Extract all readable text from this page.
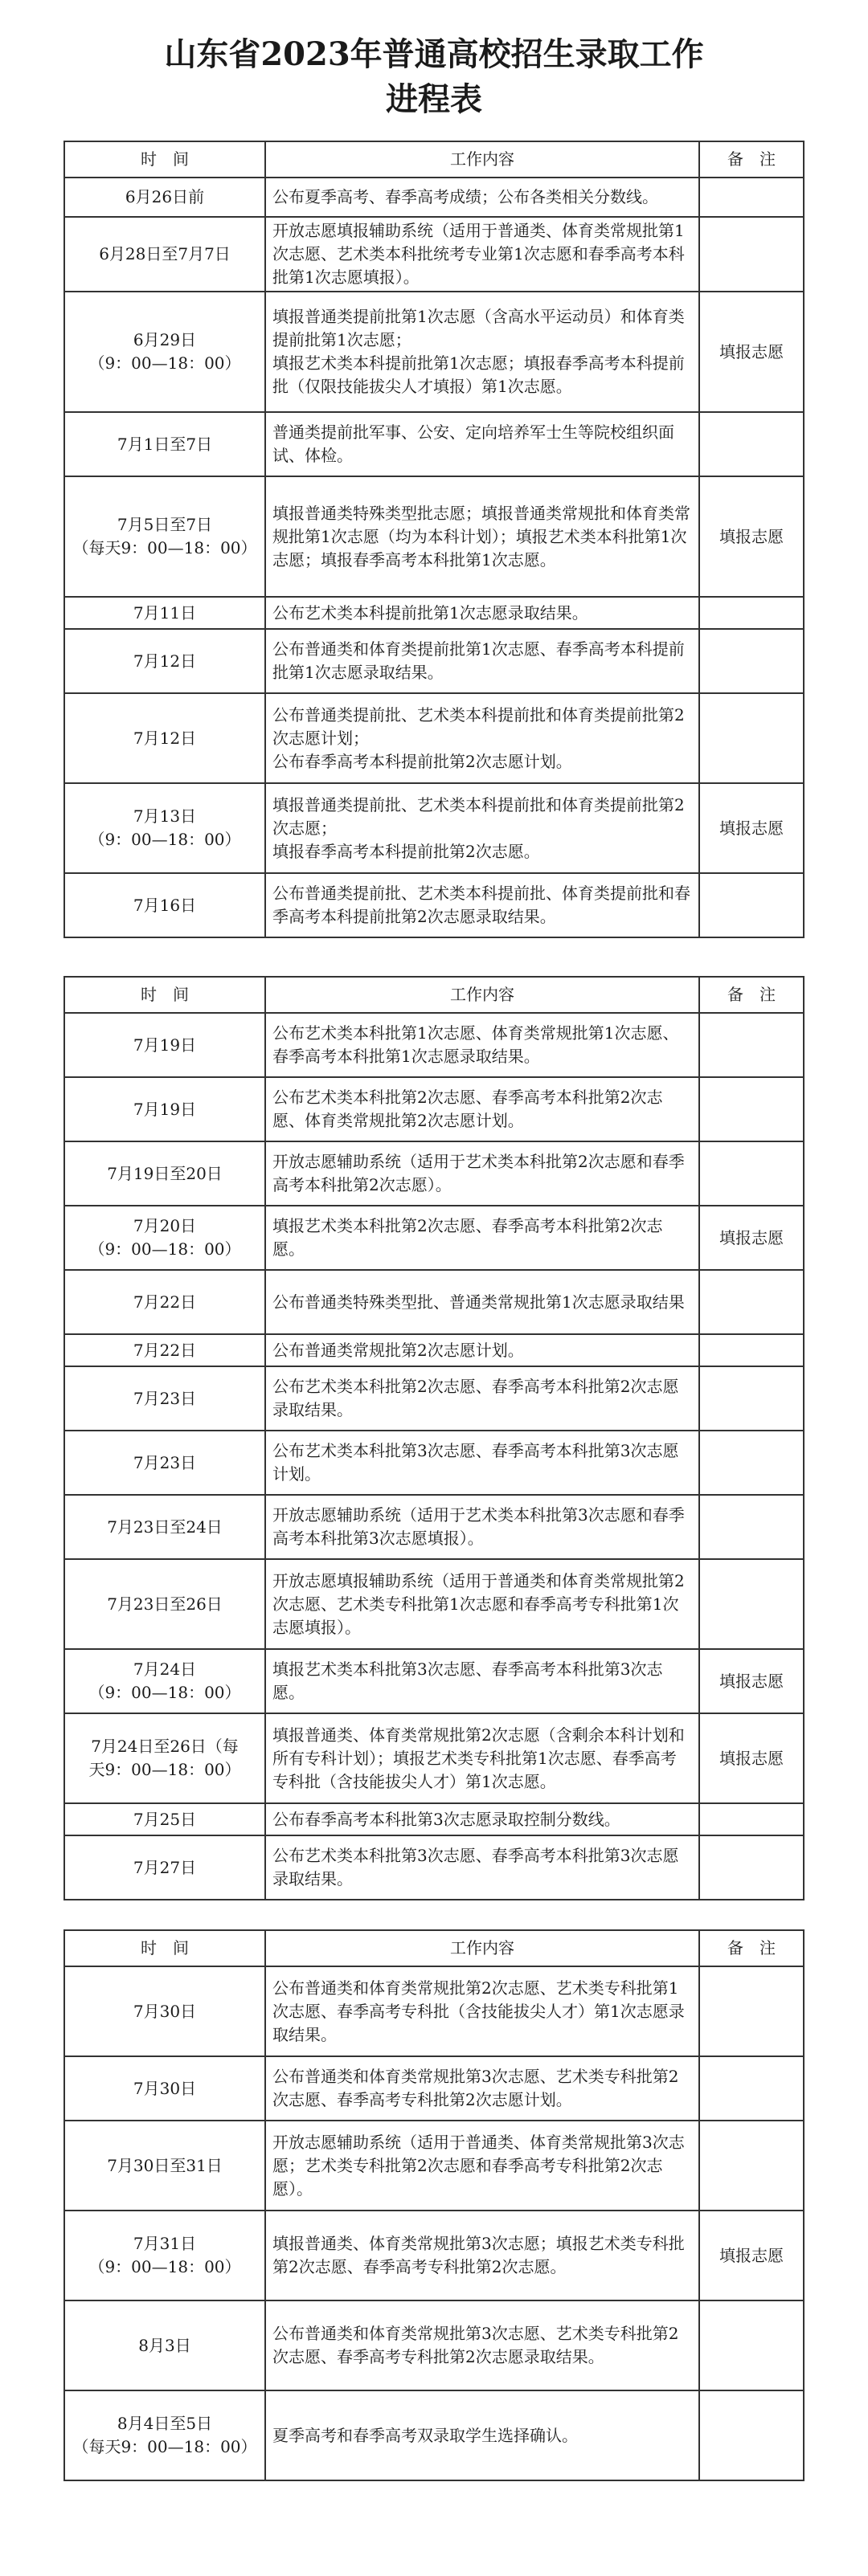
山东省2023年普通高校招生录取工作
进程表
时　间	工作内容	备　注

6月26日前	公布夏季高考、春季高考成绩；公布各类相关分数线。	

6月28日至7月7日	开放志愿填报辅助系统（适用于普通类、体育类常规批第1次志愿、艺术类本科批统考专业第1次志愿和春季高考本科批第1次志愿填报）。	

6月29日
（9：00—18：00）	填报普通类提前批第1次志愿（含高水平运动员）和体育类提前批第1次志愿；
填报艺术类本科提前批第1次志愿；填报春季高考本科提前批（仅限技能拔尖人才填报）第1次志愿。	填报志愿

7月1日至7日	普通类提前批军事、公安、定向培养军士生等院校组织面试、体检。	

7月5日至7日
（每天9：00—18：00）	填报普通类特殊类型批志愿；填报普通类常规批和体育类常规批第1次志愿（均为本科计划）；填报艺术类本科批第1次志愿；填报春季高考本科批第1次志愿。	填报志愿

7月11日	公布艺术类本科提前批第1次志愿录取结果。	

7月12日	公布普通类和体育类提前批第1次志愿、春季高考本科提前批第1次志愿录取结果。	

7月12日	公布普通类提前批、艺术类本科提前批和体育类提前批第2次志愿计划；
公布春季高考本科提前批第2次志愿计划。	

7月13日
（9：00—18：00）	填报普通类提前批、艺术类本科提前批和体育类提前批第2次志愿；
填报春季高考本科提前批第2次志愿。	填报志愿

7月16日	公布普通类提前批、艺术类本科提前批、体育类提前批和春季高考本科提前批第2次志愿录取结果。	
时　间	工作内容	备　注

7月19日	公布艺术类本科批第1次志愿、体育类常规批第1次志愿、春季高考本科批第1次志愿录取结果。	

7月19日	公布艺术类本科批第2次志愿、春季高考本科批第2次志愿、体育类常规批第2次志愿计划。	

7月19日至20日	开放志愿辅助系统（适用于艺术类本科批第2次志愿和春季高考本科批第2次志愿）。	

7月20日
（9：00—18：00）	填报艺术类本科批第2次志愿、春季高考本科批第2次志愿。	填报志愿

7月22日	公布普通类特殊类型批、普通类常规批第1次志愿录取结果	

7月22日	公布普通类常规批第2次志愿计划。	

7月23日	公布艺术类本科批第2次志愿、春季高考本科批第2次志愿录取结果。	

7月23日	公布艺术类本科批第3次志愿、春季高考本科批第3次志愿计划。	

7月23日至24日	开放志愿辅助系统（适用于艺术类本科批第3次志愿和春季高考本科批第3次志愿填报）。	

7月23日至26日	开放志愿填报辅助系统（适用于普通类和体育类常规批第2次志愿、艺术类专科批第1次志愿和春季高考专科批第1次志愿填报）。	

7月24日
（9：00—18：00）	填报艺术类本科批第3次志愿、春季高考本科批第3次志愿。	填报志愿

7月24日至26日（每
天9：00—18：00）	填报普通类、体育类常规批第2次志愿（含剩余本科计划和所有专科计划）；填报艺术类专科批第1次志愿、春季高考专科批（含技能拔尖人才）第1次志愿。	填报志愿

7月25日	公布春季高考本科批第3次志愿录取控制分数线。	

7月27日	公布艺术类本科批第3次志愿、春季高考本科批第3次志愿录取结果。	
时　间	工作内容	备　注

7月30日	公布普通类和体育类常规批第2次志愿、艺术类专科批第1次志愿、春季高考专科批（含技能拔尖人才）第1次志愿录取结果。	

7月30日	公布普通类和体育类常规批第3次志愿、艺术类专科批第2次志愿、春季高考专科批第2次志愿计划。	

7月30日至31日	开放志愿辅助系统（适用于普通类、体育类常规批第3次志愿；艺术类专科批第2次志愿和春季高考专科批第2次志愿）。	

7月31日
（9：00—18：00）	填报普通类、体育类常规批第3次志愿；填报艺术类专科批第2次志愿、春季高考专科批第2次志愿。	填报志愿

8月3日	公布普通类和体育类常规批第3次志愿、艺术类专科批第2次志愿、春季高考专科批第2次志愿录取结果。	

8月4日至5日
（每天9：00—18：00）	夏季高考和春季高考双录取学生选择确认。	
